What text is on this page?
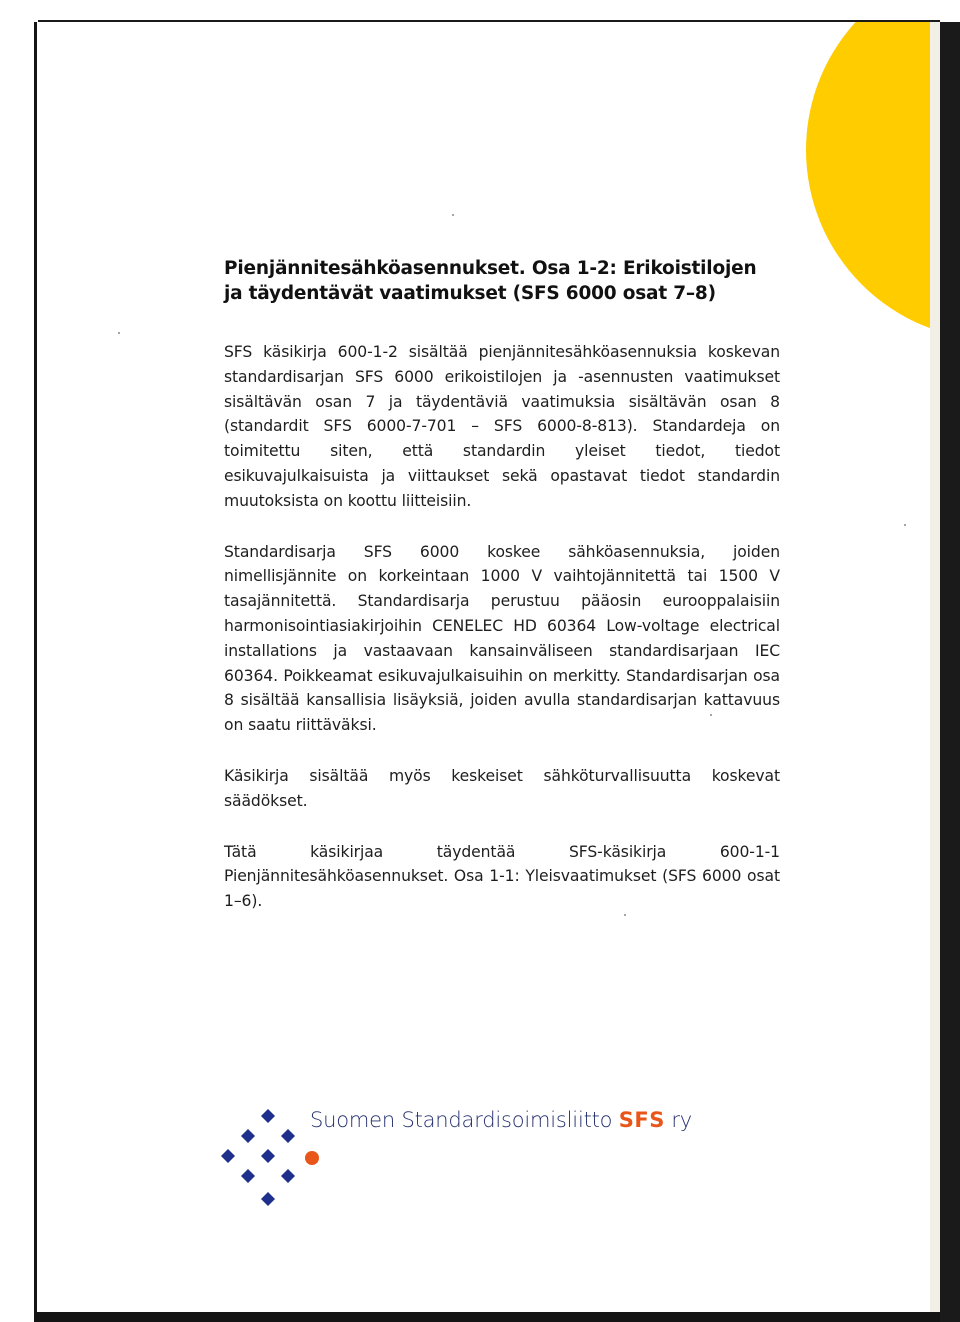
Pienjännitesähköasennukset. Osa 1-2: Erikoistilojen
ja täydentävät vaatimukset (SFS 6000 osat 7–8)

SFS käsikirja 600-1-2 sisältää pienjännitesähköasennuksia koskevan standardisarjan SFS 6000 erikoistilojen ja -asennusten vaatimukset sisältävän osan 7 ja täydentäviä vaatimuksia sisältävän osan 8 (standardit SFS 6000-7-701 – SFS 6000-8-813). Standardeja on toimitettu siten, että standardin yleiset tiedot, tiedot esikuvajulkaisuista ja viittaukset sekä opastavat tiedot standardin muutoksista on koottu liitteisiin.

Standardisarja SFS 6000 koskee sähköasennuksia, joiden nimellisjännite on korkeintaan 1000 V vaihtojännitettä tai 1500 V tasajännitettä. Standardisarja perustuu pääosin eurooppalaisiin harmonisointiasiakirjoihin CENELEC HD 60364 Low-voltage electrical installations ja vastaavaan kansainväliseen standardisarjaan IEC 60364. Poikkeamat esikuvajulkaisuihin on merkitty. Standardisarjan osa 8 sisältää kansallisia lisäyksiä, joiden avulla standardisarjan kattavuus on saatu riittäväksi.

Käsikirja sisältää myös keskeiset sähköturvallisuutta koskevat säädökset.

Tätä käsikirjaa täydentää SFS-käsikirja 600-1-1 Pienjännitesähköasennukset. Osa 1-1: Yleisvaatimukset (SFS 6000 osat 1–6).

Suomen Standardisoimisliitto SFS ry
